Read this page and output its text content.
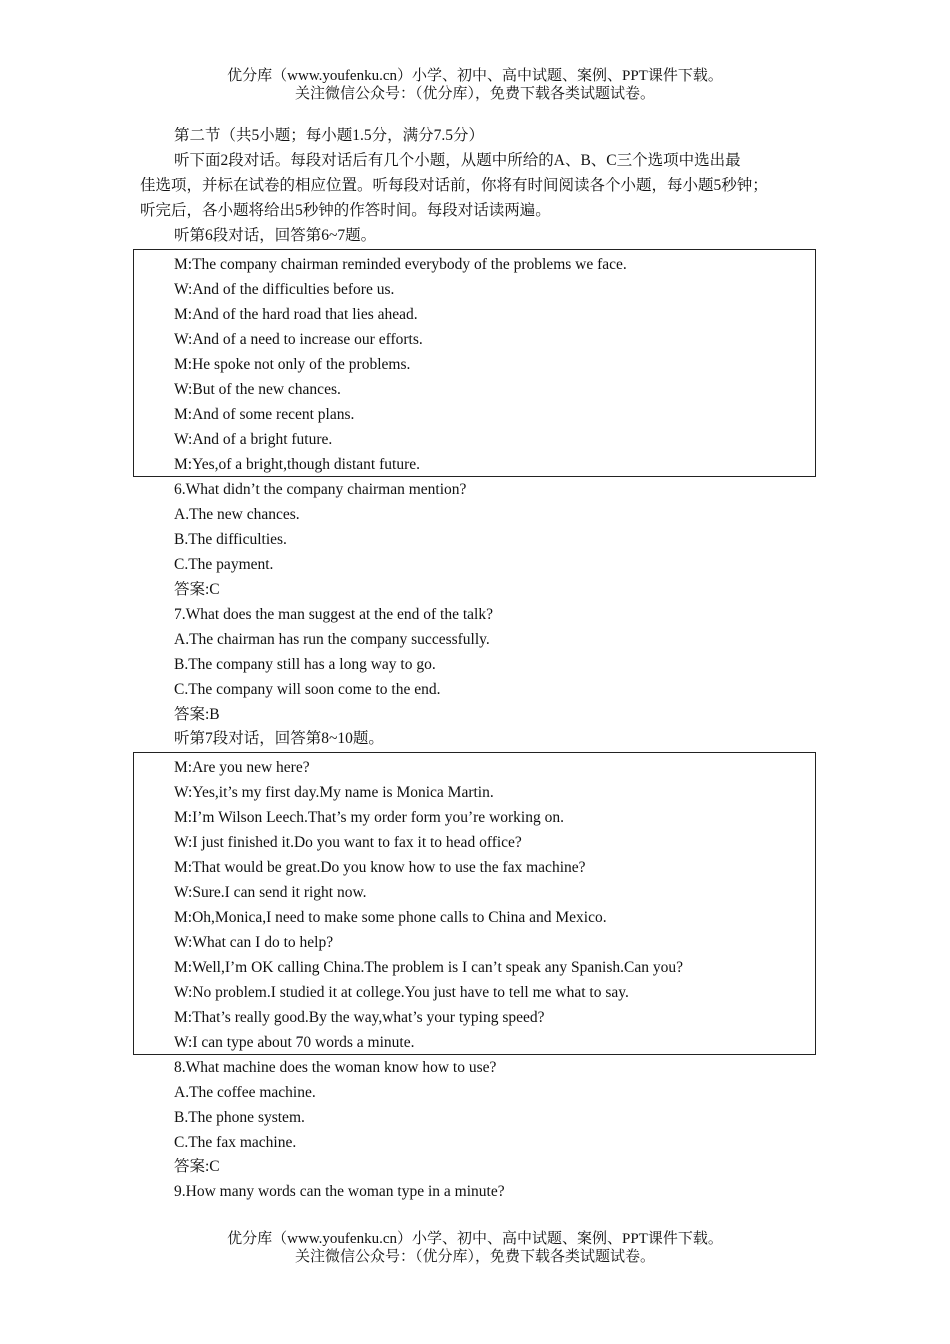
优分库（www.youfenku.cn）小学、初中、高中试题、案例、PPT课件下载。
关注微信公众号：（优分库），免费下载各类试题试卷。
第二节（共5小题；每小题1.5分，满分7.5分）
听下面2段对话。每段对话后有几个小题，从题中所给的A、B、C三个选项中选出最
佳选项，并标在试卷的相应位置。听每段对话前，你将有时间阅读各个小题，每小题5秒钟；
听完后，各小题将给出5秒钟的作答时间。每段对话读两遍。
听第6段对话，回答第6~7题。
M:The company chairman reminded everybody of the problems we face.
W:And of the difficulties before us.
M:And of the hard road that lies ahead.
W:And of a need to increase our efforts.
M:He spoke not only of the problems.
W:But of the new chances.
M:And of some recent plans.
W:And of a bright future.
M:Yes,of a bright,though distant future.
6.What didn’t the company chairman mention?
A.The new chances.
B.The difficulties.
C.The payment.
答案:C
7.What does the man suggest at the end of the talk?
A.The chairman has run the company successfully.
B.The company still has a long way to go.
C.The company will soon come to the end.
答案:B
听第7段对话，回答第8~10题。
M:Are you new here?
W:Yes,it’s my first day.My name is Monica Martin.
M:I’m Wilson Leech.That’s my order form you’re working on.
W:I just finished it.Do you want to fax it to head office?
M:That would be great.Do you know how to use the fax machine?
W:Sure.I can send it right now.
M:Oh,Monica,I need to make some phone calls to China and Mexico.
W:What can I do to help?
M:Well,I’m OK calling China.The problem is I can’t speak any Spanish.Can you?
W:No problem.I studied it at college.You just have to tell me what to say.
M:That’s really good.By the way,what’s your typing speed?
W:I can type about 70 words a minute.
8.What machine does the woman know how to use?
A.The coffee machine.
B.The phone system.
C.The fax machine.
答案:C
9.How many words can the woman type in a minute?
优分库（www.youfenku.cn）小学、初中、高中试题、案例、PPT课件下载。
关注微信公众号：（优分库），免费下载各类试题试卷。
